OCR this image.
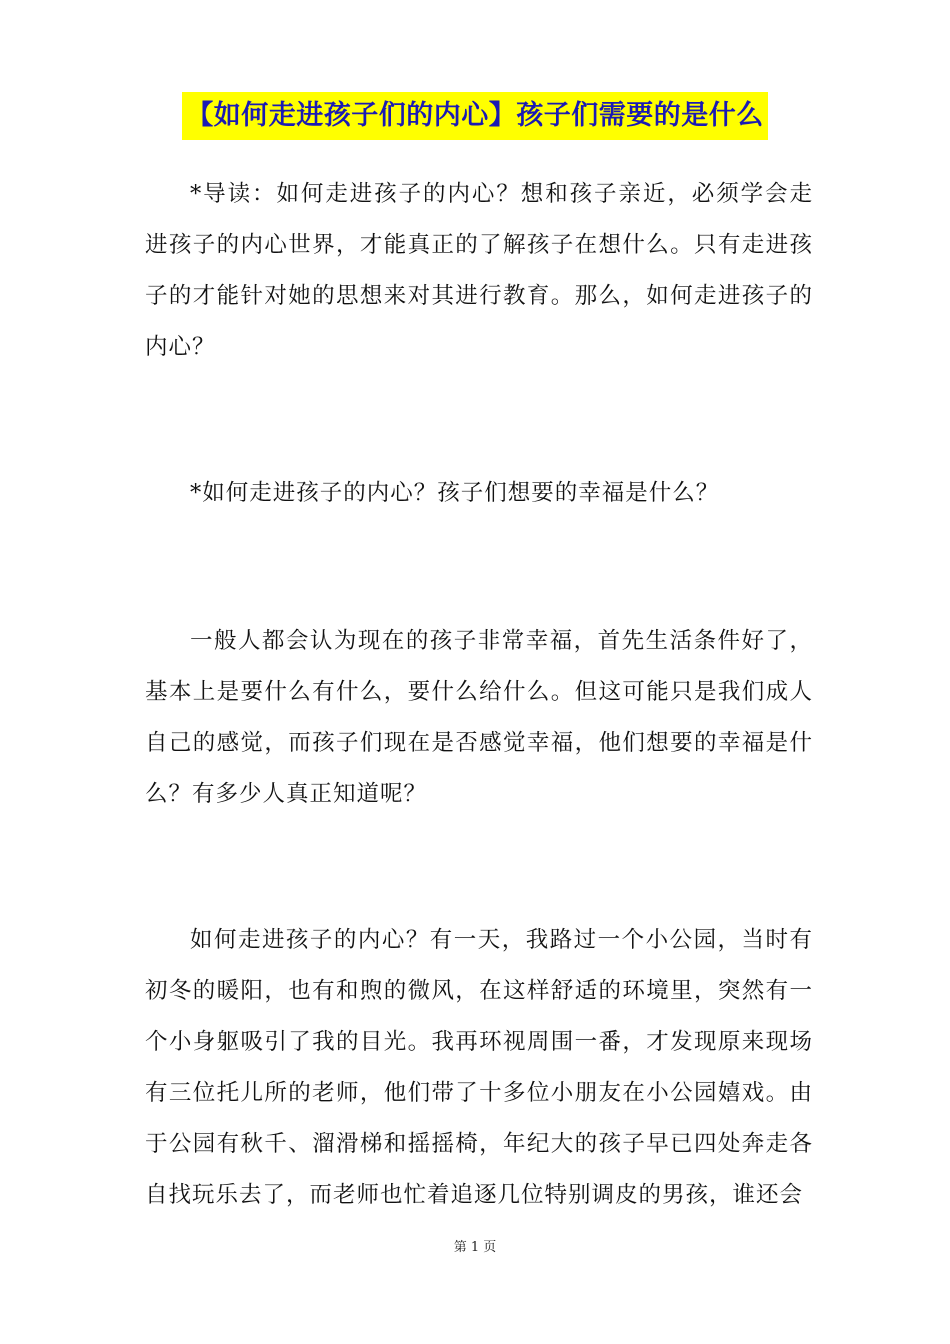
【如何走进孩子们的内心】孩子们需要的是什么

*导读：如何走进孩子的内心？想和孩子亲近，必须学会走进孩子的内心世界，才能真正的了解孩子在想什么。只有走进孩子的才能针对她的思想来对其进行教育。那么，如何走进孩子的内心？

*如何走进孩子的内心？孩子们想要的幸福是什么？

一般人都会认为现在的孩子非常幸福，首先生活条件好了，基本上是要什么有什么，要什么给什么。但这可能只是我们成人自己的感觉，而孩子们现在是否感觉幸福，他们想要的幸福是什么？有多少人真正知道呢？

如何走进孩子的内心？有一天，我路过一个小公园，当时有初冬的暖阳，也有和煦的微风，在这样舒适的环境里，突然有一个小身躯吸引了我的目光。我再环视周围一番，才发现原来现场有三位托儿所的老师，他们带了十多位小朋友在小公园嬉戏。由于公园有秋千、溜滑梯和摇摇椅，年纪大的孩子早已四处奔走各自找玩乐去了，而老师也忙着追逐几位特别调皮的男孩，谁还会

第 1 页
